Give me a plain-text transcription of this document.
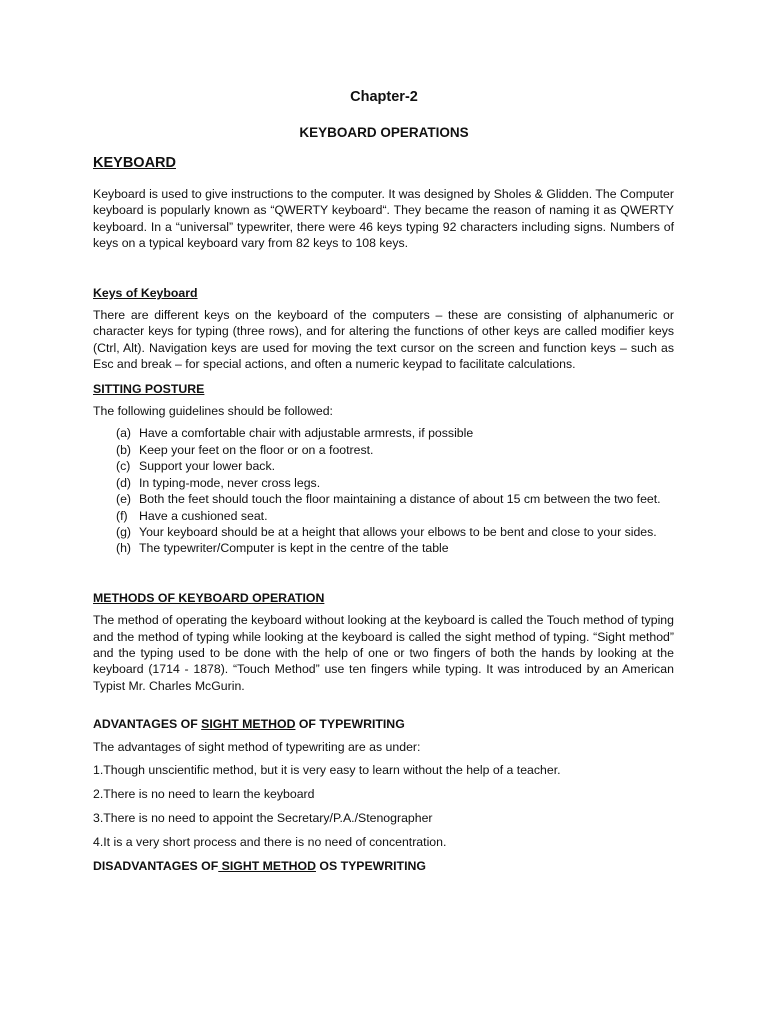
Chapter-2
KEYBOARD OPERATIONS
KEYBOARD

Keyboard is used to give instructions to the computer. It was designed by Sholes & Glidden. The Computer keyboard is popularly known as “QWERTY keyboard“. They became the reason of naming it as QWERTY keyboard. In a “universal” typewriter, there were 46 keys typing 92 characters including signs. Numbers of keys on a typical keyboard vary from 82 keys to 108 keys.

Keys of Keyboard

There are different keys on the keyboard of the computers – these are consisting of alphanumeric or character keys for typing (three rows), and for altering the functions of other keys are called modifier keys (Ctrl, Alt). Navigation keys are used for moving the text cursor on the screen and function keys – such as Esc and break – for special actions, and often a numeric keypad to facilitate calculations.

SITTING POSTURE

The following guidelines should be followed:

(a) Have a comfortable chair with adjustable armrests, if possible
(b) Keep your feet on the floor or on a footrest.
(c) Support your lower back.
(d) In typing-mode, never cross legs.
(e) Both the feet should touch the floor maintaining a distance of about 15 cm between the two feet.
(f) Have a cushioned seat.
(g) Your keyboard should be at a height that allows your elbows to be bent and close to your sides.
(h) The typewriter/Computer is kept in the centre of the table
METHODS OF KEYBOARD OPERATION

The method of operating the keyboard without looking at the keyboard is called the Touch method of typing and the method of typing while looking at the keyboard is called the sight method of typing. “Sight method” and the typing used to be done with the help of one or two fingers of both the hands by looking at the keyboard (1714 - 1878). “Touch Method” use ten fingers while typing. It was introduced by an American Typist Mr. Charles McGurin.

ADVANTAGES OF SIGHT METHOD OF TYPEWRITING

The advantages of sight method of typewriting are as under:

1.Though unscientific method, but it is very easy to learn without the help of a teacher.

2.There is no need to learn the keyboard

3.There is no need to appoint the Secretary/P.A./Stenographer

4.It is a very short process and there is no need of concentration.

DISADVANTAGES OF SIGHT METHOD OS TYPEWRITING
